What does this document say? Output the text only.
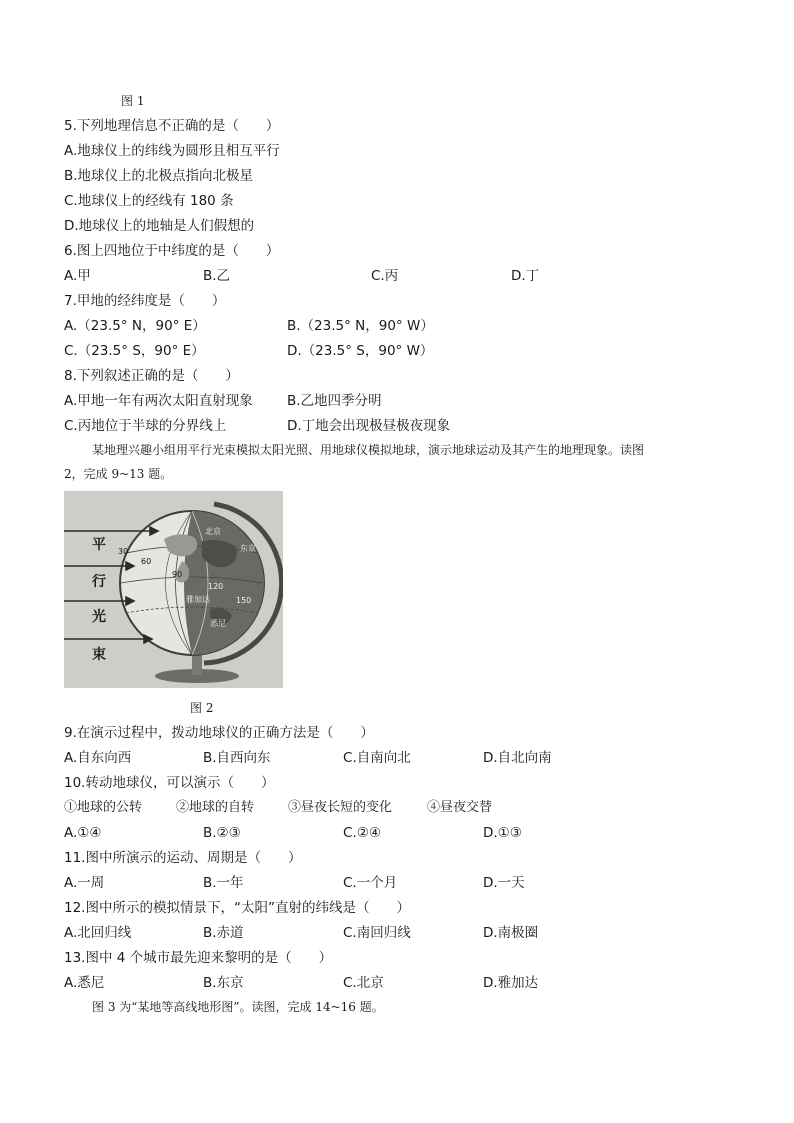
图 1
5.下列地理信息不正确的是（　　）
A.地球仪上的纬线为圆形且相互平行
B.地球仪上的北极点指向北极星
C.地球仪上的经线有 180 条
D.地球仪上的地轴是人们假想的
6.图上四地位于中纬度的是（　　）
A.甲	B.乙	C.丙	D.丁
7.甲地的经纬度是（　　）
A.（23.5° N，90° E）	B.（23.5° N，90° W）
C.（23.5° S，90° E）	D.（23.5° S，90° W）
8.下列叙述正确的是（　　）
A.甲地一年有两次太阳直射现象	B.乙地四季分明
C.丙地位于半球的分界线上	D.丁地会出现极昼极夜现象
某地理兴趣小组用平行光束模拟太阳光照、用地球仪模拟地球，演示地球运动及其产生的地理现象。读图
2，完成 9~13 题。
平
行
光
束
30
60
90
120
150
北京
东京
雅加达
悉尼
图 2
9.在演示过程中，拨动地球仪的正确方法是（　　）
A.自东向西	B.自西向东	C.自南向北	D.自北向南
10.转动地球仪，可以演示（　　）
①地球的公转	②地球的自转	③昼夜长短的变化	④昼夜交替
A.①④	B.②③	C.②④	D.①③
11.图中所演示的运动、周期是（　　）
A.一周	B.一年	C.一个月	D.一天
12.图中所示的模拟情景下，“太阳”直射的纬线是（　　）
A.北回归线	B.赤道	C.南回归线	D.南极圈
13.图中 4 个城市最先迎来黎明的是（　　）
A.悉尼	B.东京	C.北京	D.雅加达
图 3 为“某地等高线地形图”。读图，完成 14~16 题。
